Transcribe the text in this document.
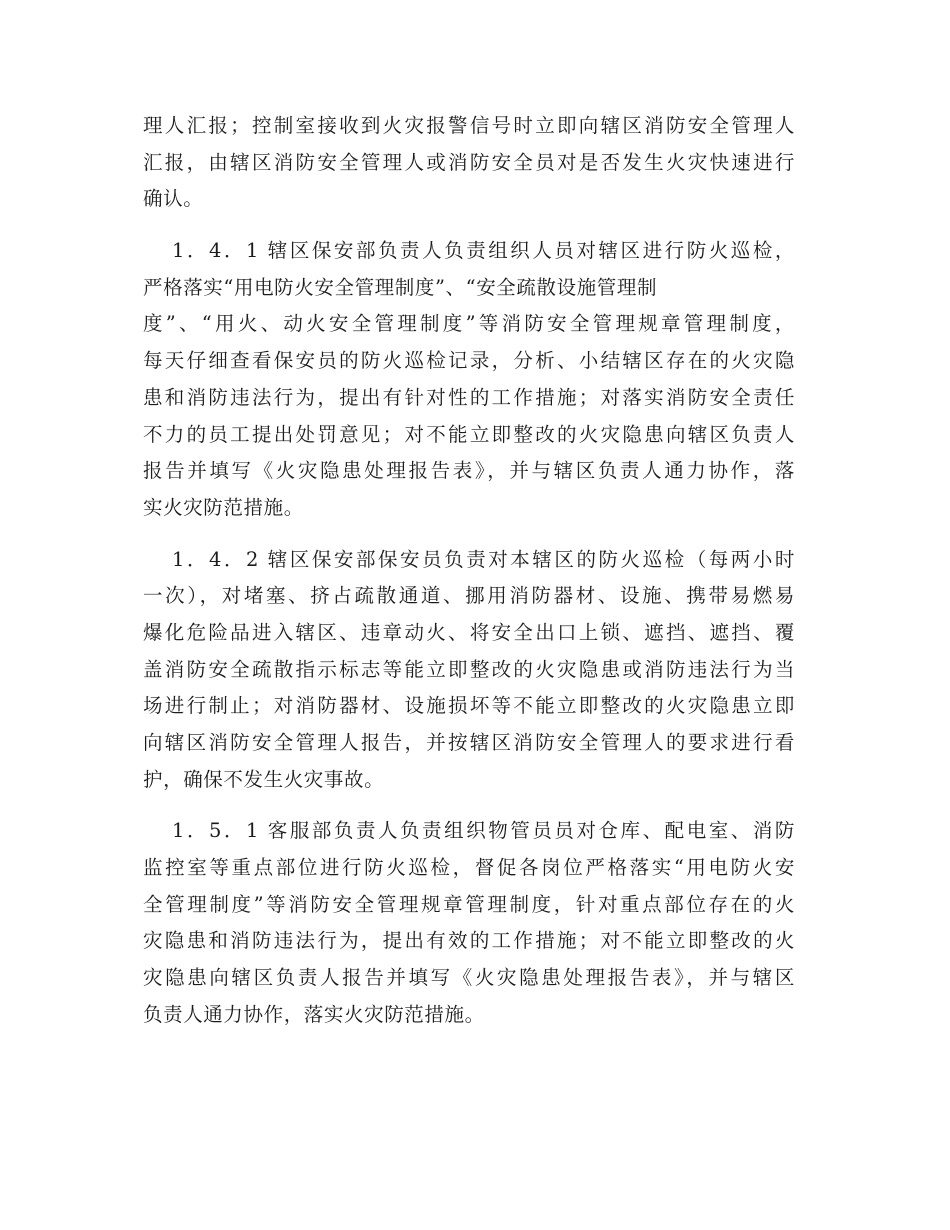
理人汇报；控制室接收到火灾报警信号时立即向辖区消防安全管理人
汇报，由辖区消防安全管理人或消防安全员对是否发生火灾快速进行
确认。
1．4．1 辖区保安部负责人负责组织人员对辖区进行防火巡检，
严格落实“用电防火安全管理制度”、“安全疏散设施管理制
度”、“用火、动火安全管理制度”等消防安全管理规章管理制度，
每天仔细查看保安员的防火巡检记录，分析、小结辖区存在的火灾隐
患和消防违法行为，提出有针对性的工作措施；对落实消防安全责任
不力的员工提出处罚意见；对不能立即整改的火灾隐患向辖区负责人
报告并填写《火灾隐患处理报告表》，并与辖区负责人通力协作，落
实火灾防范措施。
1．4．2 辖区保安部保安员负责对本辖区的防火巡检（每两小时
一次），对堵塞、挤占疏散通道、挪用消防器材、设施、携带易燃易
爆化危险品进入辖区、违章动火、将安全出口上锁、遮挡、遮挡、覆
盖消防安全疏散指示标志等能立即整改的火灾隐患或消防违法行为当
场进行制止；对消防器材、设施损坏等不能立即整改的火灾隐患立即
向辖区消防安全管理人报告，并按辖区消防安全管理人的要求进行看
护，确保不发生火灾事故。
1．5．1 客服部负责人负责组织物管员员对仓库、配电室、消防
监控室等重点部位进行防火巡检，督促各岗位严格落实“用电防火安
全管理制度”等消防安全管理规章管理制度，针对重点部位存在的火
灾隐患和消防违法行为，提出有效的工作措施；对不能立即整改的火
灾隐患向辖区负责人报告并填写《火灾隐患处理报告表》，并与辖区
负责人通力协作，落实火灾防范措施。
